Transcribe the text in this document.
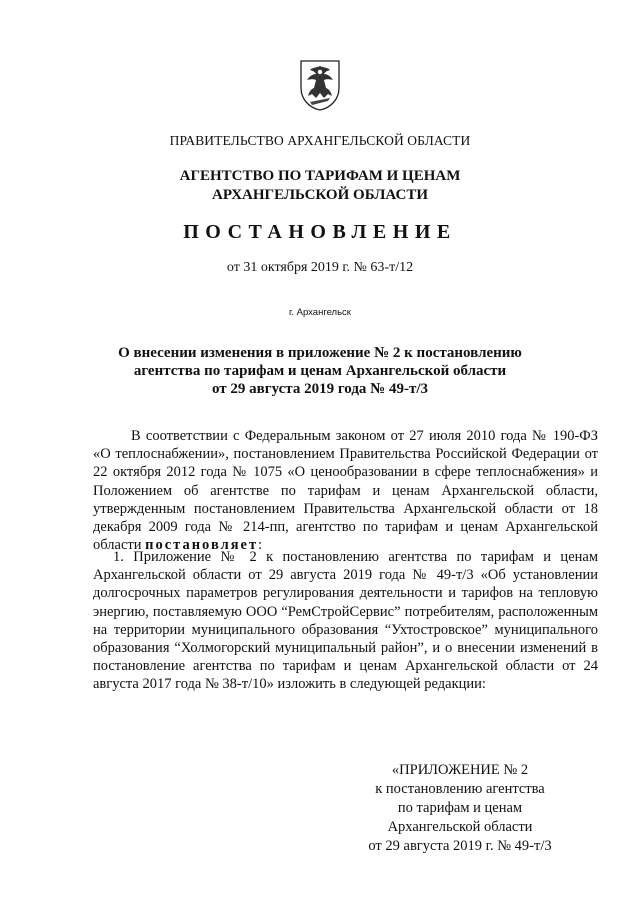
ПРАВИТЕЛЬСТВО АРХАНГЕЛЬСКОЙ ОБЛАСТИ
АГЕНТСТВО ПО ТАРИФАМ И ЦЕНАМ
АРХАНГЕЛЬСКОЙ ОБЛАСТИ
ПОСТАНОВЛЕНИЕ
от 31 октября 2019 г. № 63-т/12
г. Архангельск
О внесении изменения в приложение № 2 к постановлению
агентства по тарифам и ценам Архангельской области
от 29 августа 2019 года № 49-т/3
В соответствии с Федеральным законом от 27 июля 2010 года № 190-ФЗ «О теплоснабжении», постановлением Правительства Российской Федерации от 22 октября 2012 года № 1075 «О ценообразовании в сфере теплоснабжения» и Положением об агентстве по тарифам и ценам Архангельской области, утвержденным постановлением Правительства Архангельской области от 18 декабря 2009 года № 214-пп, агентство по тарифам и ценам Архангельской области постановляет:
1. Приложение № 2 к постановлению агентства по тарифам и ценам Архангельской области от 29 августа 2019 года № 49-т/3 «Об установлении долгосрочных параметров регулирования деятельности и тарифов на тепловую энергию, поставляемую ООО “РемСтройСервис” потребителям, расположенным на территории муниципального образования “Ухтостровское” муниципального образования “Холмогорский муниципальный район”, и о внесении изменений в постановление агентства по тарифам и ценам Архангельской области от 24 августа 2017 года № 38-т/10» изложить в следующей редакции:
«ПРИЛОЖЕНИЕ № 2
к постановлению агентства
по тарифам и ценам
Архангельской области
от 29 августа 2019 г. № 49-т/3
